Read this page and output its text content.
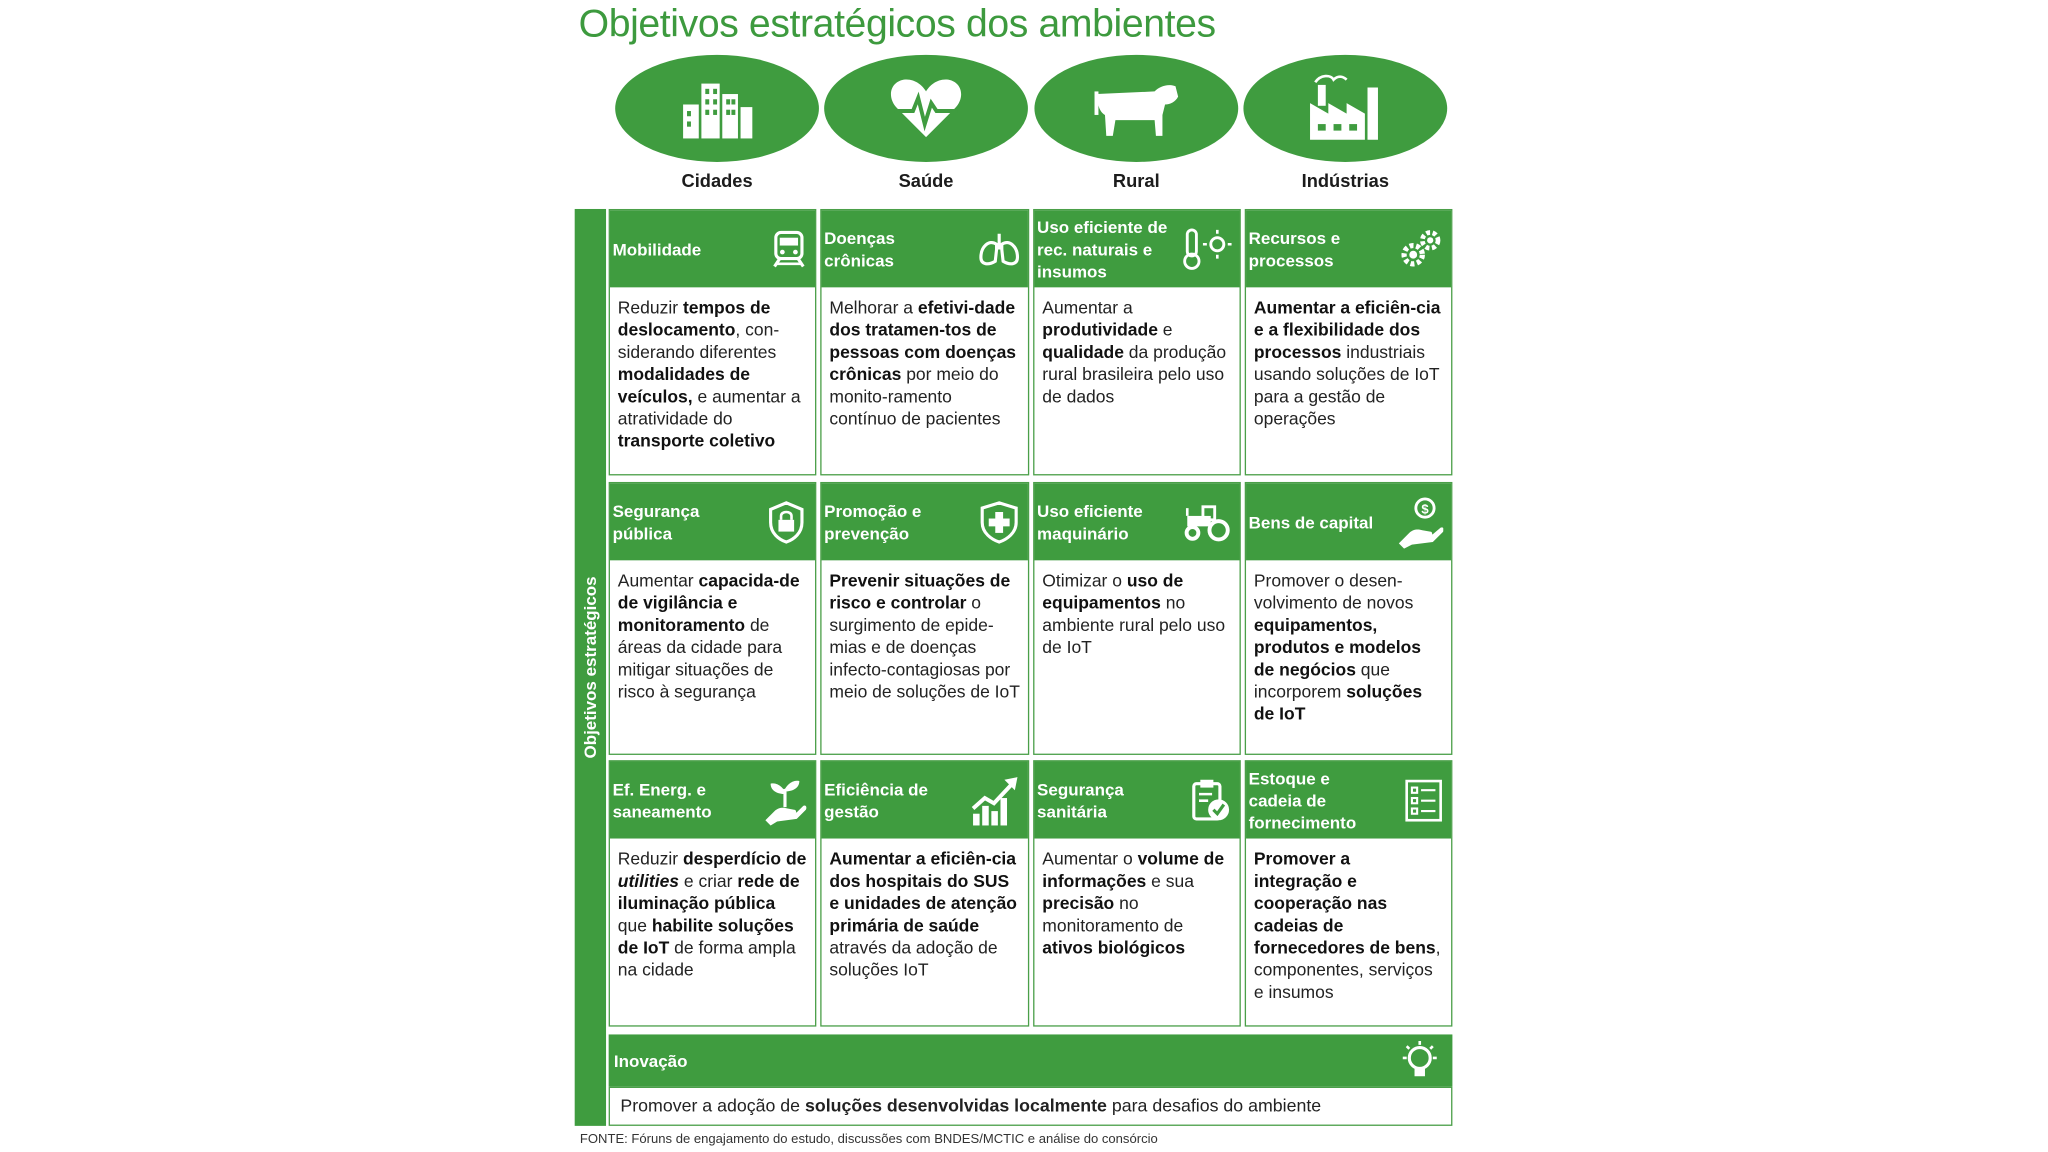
Objetivos estratégicos dos ambientes
Cidades	Saúde	Rural	Indústrias
Objetivos estratégicos
Mobilidade
Reduzir tempos de deslocamento, con-siderando diferentes modalidades de veículos, e aumentar a atratividade do transporte coletivo
Doenças crônicas
Melhorar a efetivi-dade dos tratamen-tos de pessoas com doenças crônicas por meio do monito-ramento contínuo de pacientes
Uso eficiente de rec. naturais e insumos
Aumentar a produtividade e qualidade da produção rural brasileira pelo uso de dados
Recursos e processos
Aumentar a eficiên-cia e a flexibilidade dos processos industriais usando soluções de IoT para a gestão de operações
Segurança pública
Aumentar capacida-de de vigilância e monitoramento de áreas da cidade para mitigar situações de risco à segurança
Promoção e prevenção
Prevenir situações de risco e controlar o surgimento de epide-mias e de doenças infecto-contagiosas por meio de soluções de IoT
Uso eficiente maquinário
Otimizar o uso de equipamentos no ambiente rural pelo uso de IoT
Bens de capital
$
Promover o desen-volvimento de novos equipamentos, produtos e modelos de negócios que incorporem soluções de IoT
Ef. Energ. e saneamento
Reduzir desperdício de utilities e criar rede de iluminação pública que habilite soluções de IoT de forma ampla na cidade
Eficiência de gestão
Aumentar a eficiên-cia dos hospitais do SUS e unidades de atenção primária de saúde através da adoção de soluções IoT
Segurança sanitária
Aumentar o volume de informações e sua precisão no monitoramento de ativos biológicos
Estoque e cadeia de fornecimento
Promover a integração e cooperação nas cadeias de fornecedores de bens, componentes, serviços e insumos
Inovação
Promover a adoção de soluções desenvolvidas localmente para desafios do ambiente
FONTE: Fóruns de engajamento do estudo, discussões com BNDES/MCTIC e análise do consórcio
